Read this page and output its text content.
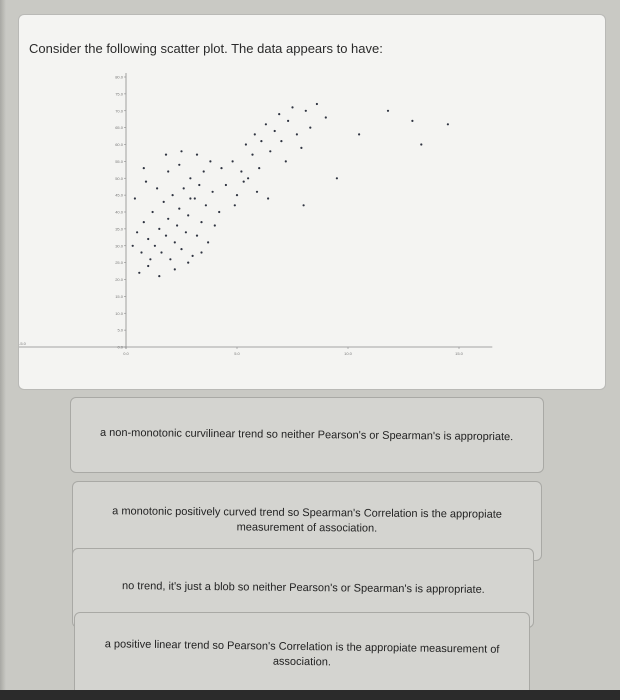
Consider the following scatter plot. The data appears to have:
80.0
75.0
70.0
65.0
60.0
55.0
50.0
45.0
40.0
35.0
30.0
25.0
20.0
15.0
10.0
5.0
0.0
0.0	5.0	10.0	15.0
-5.0
a non-monotonic curvilinear trend so neither Pearson's or Spearman's is appropriate.
a monotonic positively curved trend so Spearman's Correlation is the appropiate measurement of association.
no trend, it's just a blob so neither Pearson's or Spearman's is appropriate.
a positive linear trend so Pearson's Correlation is the appropiate measurement of association.
